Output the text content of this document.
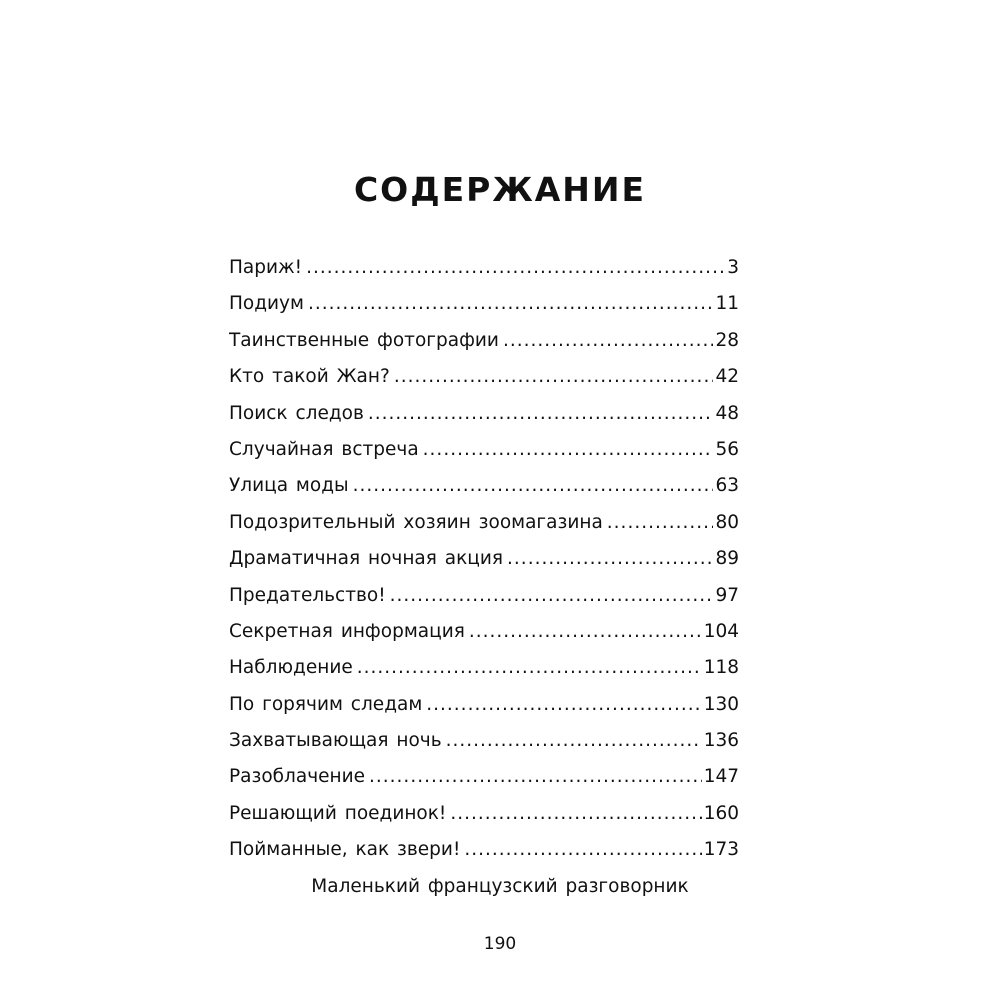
СОДЕРЖАНИЕ
Париж! .....	3
Подиум .....	11
Таинственные фотографии .....	28
Кто такой Жан? .....	42
Поиск следов .....	48
Случайная встреча .....	56
Улица моды .....	63
Подозрительный хозяин зоомагазина .....	80
Драматичная ночная акция .....	89
Предательство! .....	97
Секретная информация .....	104
Наблюдение .....	118
По горячим следам .....	130
Захватывающая ночь .....	136
Разоблачение .....	147
Решающий поединок! .....	160
Пойманные, как звери! .....	173

Маленький французский разговорник

190
